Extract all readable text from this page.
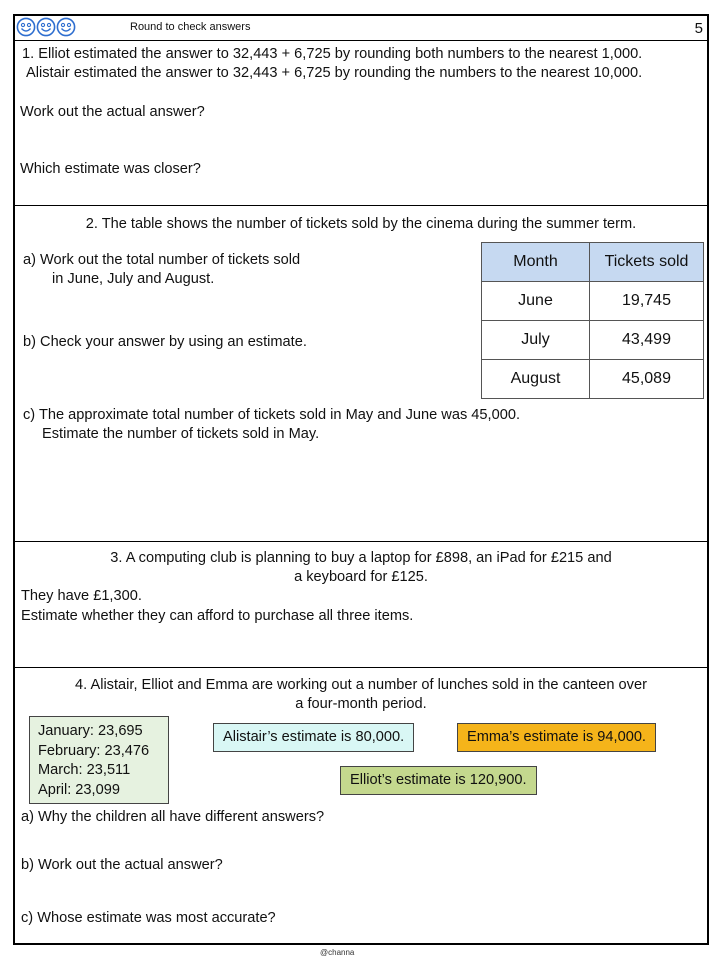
Round to check answers	5
1. Elliot estimated the answer to 32,443 + 6,725 by rounding both numbers to the nearest 1,000.
Alistair estimated the answer to 32,443 + 6,725 by rounding the numbers to the nearest 10,000.
Work out the actual answer?
Which estimate was closer?
2. The table shows the number of tickets sold by the cinema during the summer term.
a) Work out the total number of tickets sold
in June, July and August.
b) Check your answer by using an estimate.
c) The approximate total number of tickets sold in May and June was 45,000.
Estimate the number of tickets sold in May.
Month	Tickets sold
June	19,745
July	43,499
August	45,089
3. A computing club is planning to buy a laptop for £898, an iPad for £215 and
a keyboard for £125.
They have £1,300.
Estimate whether they can afford to purchase all three items.
4. Alistair, Elliot and Emma are working out a number of lunches sold in the canteen over
a four-month period.
January: 23,695
February: 23,476
March: 23,511
April: 23,099
Alistair’s estimate is 80,000.	Emma’s estimate is 94,000.
Elliot’s estimate is 120,900.
a) Why the children all have different answers?
b) Work out the actual answer?
c) Whose estimate was most accurate?
@channa
